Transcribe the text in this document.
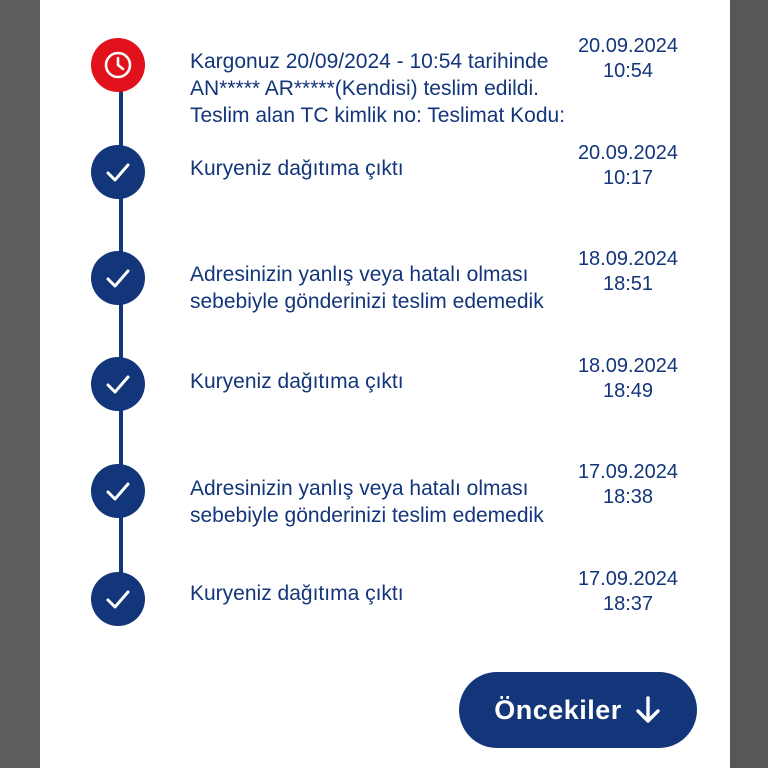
Kargonuz 20/09/2024 - 10:54 tarihinde AN***** AR*****(Kendisi) teslim edildi. Teslim alan TC kimlik no: Teslimat Kodu:
20.09.2024
10:54
Kuryeniz dağıtıma çıktı
20.09.2024
10:17
Adresinizin yanlış veya hatalı olması sebebiyle gönderinizi teslim edemedik
18.09.2024
18:51
Kuryeniz dağıtıma çıktı
18.09.2024
18:49
Adresinizin yanlış veya hatalı olması sebebiyle gönderinizi teslim edemedik
17.09.2024
18:38
Kuryeniz dağıtıma çıktı
17.09.2024
18:37
Öncekiler
